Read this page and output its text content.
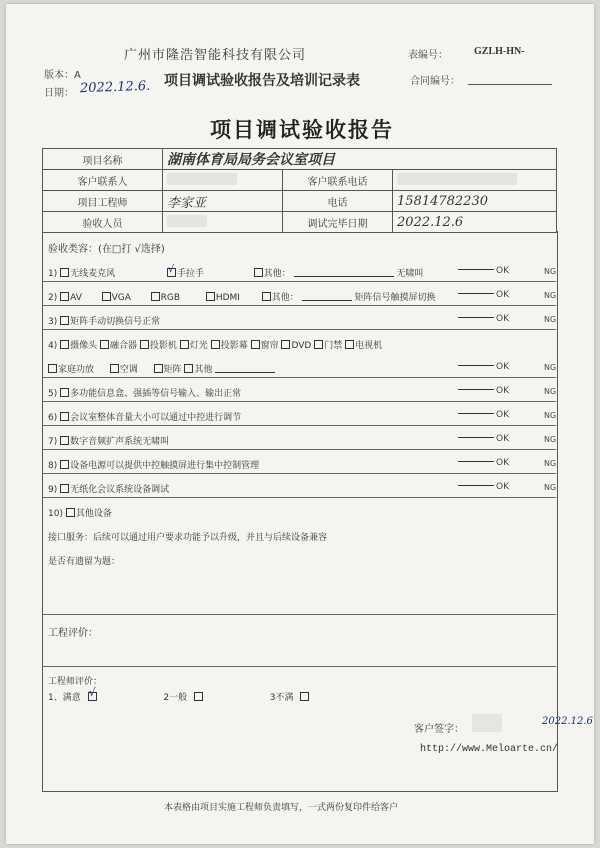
广州市隆浩智能科技有限公司	表编号：	GZLH-HN-
版本：A
日期： 2022.12.6. 项目调试验收报告及培训记录表	合同编号：
项目调试验收报告
项目名称	湖南体育局局务会议室项目		
客户联系人		客户联系电话	
项目工程师	李家亚	电话	15814782230
验收人员		调试完毕日期	2022.12.6
验收类容：(在□打 √选择)
1) 无线麦克风	√ 手拉手	其他：	无啸叫	OK	NG
2) AV	VGA	RGB	HDMI	其他：	矩阵信号触摸屏切换	OK	NG
3) 矩阵手动切换信号正常	OK	NG
4) 摄像头 融合器 投影机 灯光 投影幕 窗帘 DVD 门禁 电视机
家庭功放	空调	矩阵 其他	OK	NG
5) 多功能信息盒、强插等信号输入、输出正常	OK	NG
6) 会议室整体音量大小可以通过中控进行调节	OK	NG
7) 数字音频扩声系统无啸叫	OK	NG
8) 设备电源可以提供中控触摸屏进行集中控制管理	OK	NG
9) 无纸化会议系统设备调试	OK	NG
10) 其他设备
接口服务：后续可以通过用户要求功能予以升级，并且与后续设备兼容
是否有遗留为题：
工程评价：
工程师评价：
1、满意 √	2一般	3不满
客户签字：
2022.12.6
http://www.Meloarte.cn/
本表格由项目实施工程师负责填写，一式两份复印件给客户
